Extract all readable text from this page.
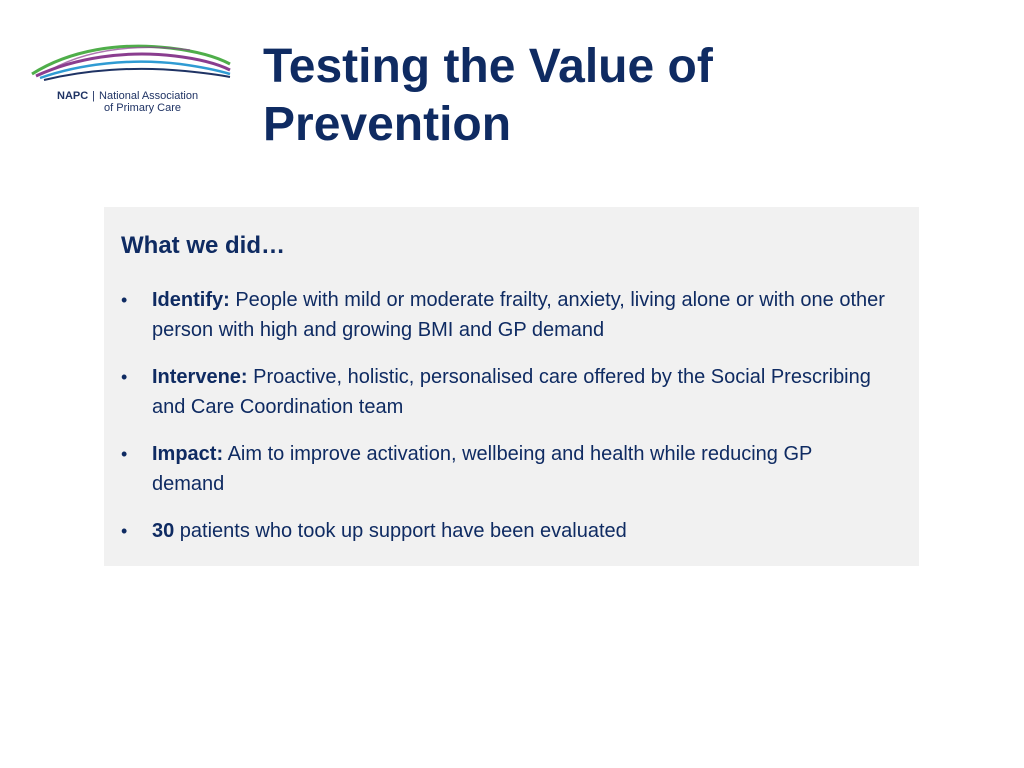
NAPC | National Association
of Primary Care
Testing the Value of Prevention
What we did…
• Identify: People with mild or moderate frailty, anxiety, living alone or with one other person with high and growing BMI and GP demand
• Intervene: Proactive, holistic, personalised care offered by the Social Prescribing and Care Coordination team
• Impact: Aim to improve activation, wellbeing and health while reducing GP demand
• 30 patients who took up support have been evaluated
